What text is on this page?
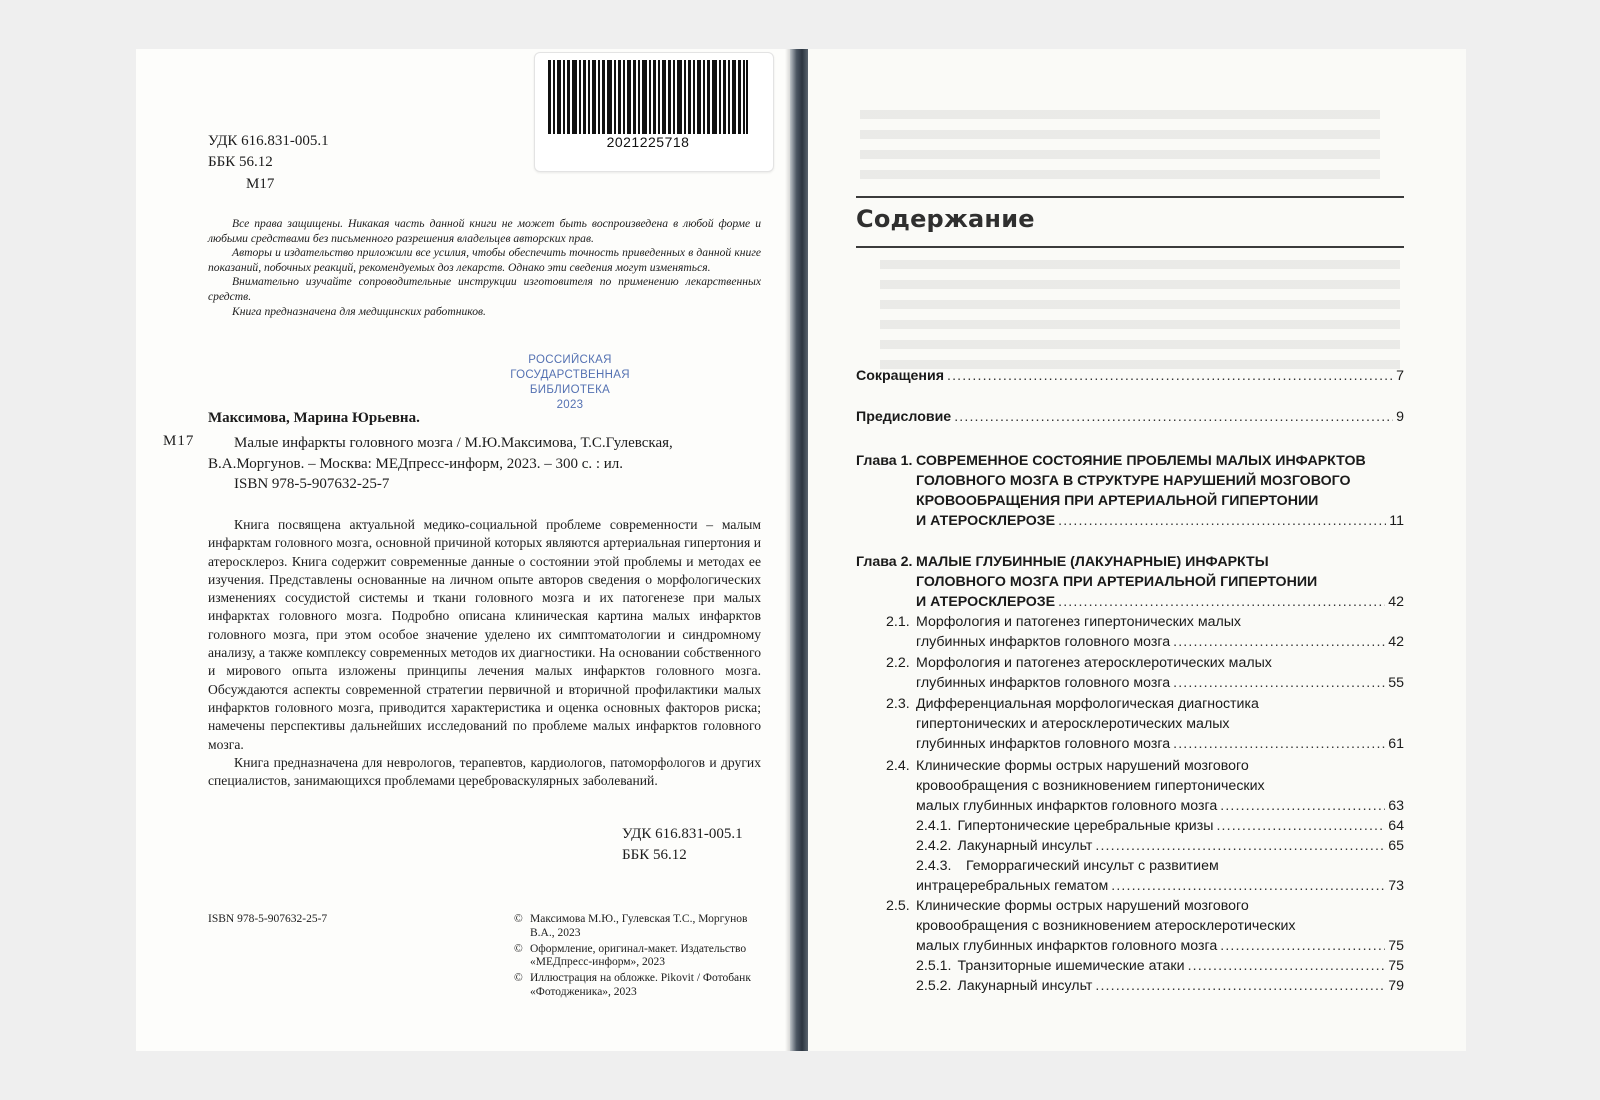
2021225718
УДК 616.831-005.1
ББК 56.12
М17

Все права защищены. Никакая часть данной книги не может быть воспроизведена в любой форме и любыми средствами без письменного разрешения владельцев авторских прав.

Авторы и издательство приложили все усилия, чтобы обеспечить точность приведенных в данной книге показаний, побочных реакций, рекомендуемых доз лекарств. Однако эти сведения могут изменяться.

Внимательно изучайте сопроводительные инструкции изготовителя по применению лекарственных средств.

Книга предназначена для медицинских работников.

РОССИЙСКАЯ
ГОСУДАРСТВЕННАЯ
БИБЛИОТЕКА
2023
Максимова, Марина Юрьевна.
М17	Малые инфаркты головного мозга / М.Ю.Максимова, Т.С.Гулевская,
В.А.Моргунов. – Москва: МЕДпресс-информ, 2023. – 300 с. : ил.
ISBN 978-5-907632-25-7

Книга посвящена актуальной медико-социальной проблеме современности – малым инфарктам головного мозга, основной причиной которых являются артериальная гипертония и атеросклероз. Книга содержит современные данные о состоянии этой проблемы и методах ее изучения. Представлены основанные на личном опыте авторов сведения о морфологических изменениях сосудистой системы и ткани головного мозга и их патогенезе при малых инфарктах головного мозга. Подробно описана клиническая картина малых инфарктов головного мозга, при этом особое значение уделено их симптоматологии и синдромному анализу, а также комплексу современных методов их диагностики. На основании собственного и мирового опыта изложены принципы лечения малых инфарктов головного мозга. Обсуждаются аспекты современной стратегии первичной и вторичной профилактики малых инфарктов головного мозга, приводится характеристика и оценка основных факторов риска; намечены перспективы дальнейших исследований по проблеме малых инфарктов головного мозга.

Книга предназначена для неврологов, терапевтов, кардиологов, патоморфологов и других специалистов, занимающихся проблемами цереброваскулярных заболеваний.

УДК 616.831-005.1
ББК 56.12
ISBN 978-5-907632-25-7	© Максимова М.Ю., Гулевская Т.С., Моргунов В.А., 2023
© Оформление, оригинал-макет. Издательство «МЕДпресс-информ», 2023
© Иллюстрация на обложке. Pikovit / Фотобанк «Фотодженика», 2023
Содержание
Сокращения . . .	7
Предисловие . . .	9
Глава 1. СОВРЕМЕННОЕ СОСТОЯНИЕ ПРОБЛЕМЫ МАЛЫХ ИНФАРКТОВ
ГОЛОВНОГО МОЗГА В СТРУКТУРЕ НАРУШЕНИЙ МОЗГОВОГО
КРОВООБРАЩЕНИЯ ПРИ АРТЕРИАЛЬНОЙ ГИПЕРТОНИИ
И АТЕРОСКЛЕРОЗЕ . . .	11
Глава 2. МАЛЫЕ ГЛУБИННЫЕ (ЛАКУНАРНЫЕ) ИНФАРКТЫ
ГОЛОВНОГО МОЗГА ПРИ АРТЕРИАЛЬНОЙ ГИПЕРТОНИИ
И АТЕРОСКЛЕРОЗЕ . . .	42
2.1. Морфология и патогенез гипертонических малых
глубинных инфарктов головного мозга . . .	42
2.2. Морфология и патогенез атеросклеротических малых
глубинных инфарктов головного мозга . . .	55
2.3. Дифференциальная морфологическая диагностика
гипертонических и атеросклеротических малых
глубинных инфарктов головного мозга . . .	61
2.4. Клинические формы острых нарушений мозгового
кровообращения с возникновением гипертонических
малых глубинных инфарктов головного мозга . . .	63
2.4.1. Гипертонические церебральные кризы . . .	64
2.4.2. Лакунарный инсульт . . .	65
2.4.3. Геморрагический инсульт с развитием
интрацеребральных гематом . . .	73
2.5. Клинические формы острых нарушений мозгового
кровообращения с возникновением атеросклеротических
малых глубинных инфарктов головного мозга . . .	75
2.5.1. Транзиторные ишемические атаки . . .	75
2.5.2. Лакунарный инсульт . . .	79
